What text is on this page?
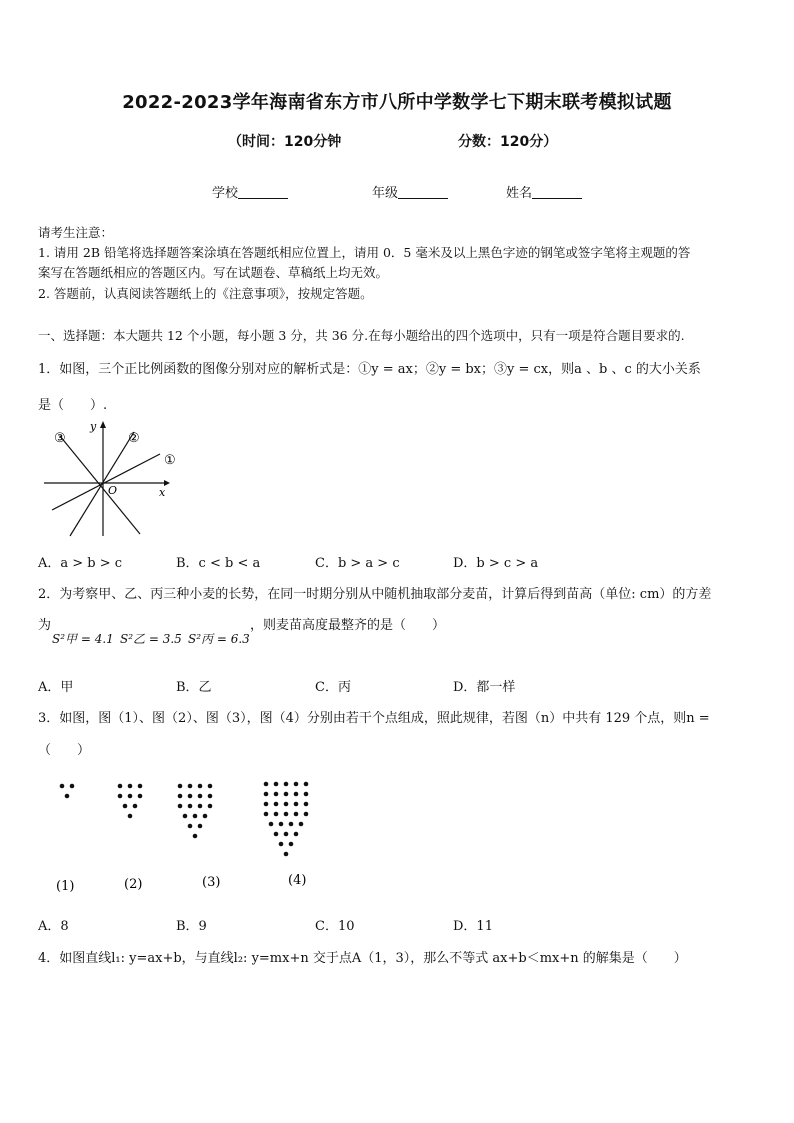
2022-2023学年海南省东方市八所中学数学七下期末联考模拟试题
（时间：120分钟	分数：120分）
学校	年级	姓名
请考生注意：
1. 请用 2B 铅笔将选择题答案涂填在答题纸相应位置上，请用 0．5 毫米及以上黑色字迹的钢笔或签字笔将主观题的答
案写在答题纸相应的答题区内。写在试题卷、草稿纸上均无效。
2. 答题前，认真阅读答题纸上的《注意事项》，按规定答题。
一、选择题：本大题共 12 个小题，每小题 3 分，共 36 分.在每小题给出的四个选项中，只有一项是符合题目要求的.
1．如图，三个正比例函数的图像分别对应的解析式是：①y = ax；②y = bx；③y = cx，则a 、b 、c 的大小关系
是（　　）.
①
②
③
y
x
O
A．a > b > c	B．c < b < a	C．b > a > c	D．b > c > a
2．为考察甲、乙、丙三种小麦的长势，在同一时期分别从中随机抽取部分麦苗，计算后得到苗高（单位: cm）的方差
为
S²甲 = 4.1 S²乙 = 3.5 S²丙 = 6.3
，则麦苗高度最整齐的是（　　）
A．甲	B．乙	C．丙	D．都一样
3．如图，图（1）、图（2）、图（3），图（4）分别由若干个点组成，照此规律，若图（n）中共有 129 个点，则n =
（　　）
(1)	(2)	(3)	(4)
A．8	B．9	C．10	D．11
4．如图直线l₁: y=ax+b，与直线l₂: y=mx+n 交于点A（1，3），那么不等式 ax+b＜mx+n 的解集是（　　）
